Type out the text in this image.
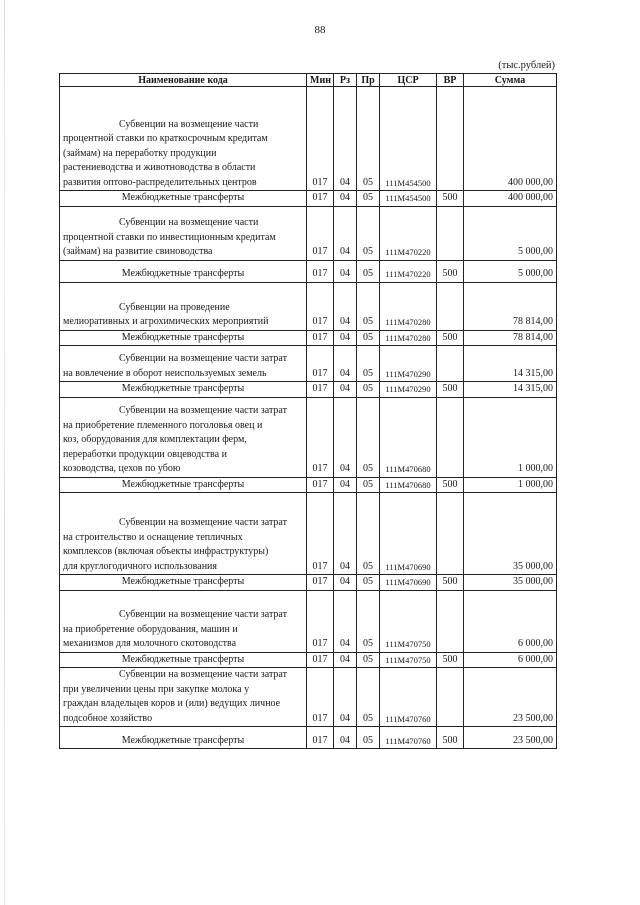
88
(тыс.рублей)
Наименование кода	Мин	Рз	Пр	ЦСР	ВР	Сумма

Субвенции на возмещение части
процентной ставки по краткосрочным кредитам
(займам) на переработку продукции
растениеводства и животноводства в области
развития оптово-распределительных центров	017	04	05	111M454500		400 000,00

Межбюджетные трансферты	017	04	05	111M454500	500	400 000,00

Субвенции на возмещение части
процентной ставки по инвестиционным кредитам
(займам) на развитие свиноводства	017	04	05	111M470220		5 000,00

Межбюджетные трансферты	017	04	05	111M470220	500	5 000,00

Субвенции на проведение
мелиоративных и агрохимических мероприятий	017	04	05	111M470280		78 814,00

Межбюджетные трансферты	017	04	05	111M470280	500	78 814,00

Субвенции на возмещение части затрат
на вовлечение в оборот неиспользуемых земель	017	04	05	111M470290		14 315,00

Межбюджетные трансферты	017	04	05	111M470290	500	14 315,00

Субвенции на возмещение части затрат
на приобретение племенного поголовья овец и
коз, оборудования для комплектации ферм,
переработки продукции овцеводства и
козоводства, цехов по убою	017	04	05	111M470680		1 000,00

Межбюджетные трансферты	017	04	05	111M470680	500	1 000,00

Субвенции на возмещение части затрат
на строительство и оснащение тепличных
комплексов (включая объекты инфраструктуры)
для круглогодичного использования	017	04	05	111M470690		35 000,00

Межбюджетные трансферты	017	04	05	111M470690	500	35 000,00

Субвенции на возмещение части затрат
на приобретение оборудования, машин и
механизмов для молочного скотоводства	017	04	05	111M470750		6 000,00

Межбюджетные трансферты	017	04	05	111M470750	500	6 000,00

Субвенции на возмещение части затрат
при увеличении цены при закупке молока у
граждан владельцев коров и (или) ведущих личное
подсобное хозяйство	017	04	05	111M470760		23 500,00

Межбюджетные трансферты	017	04	05	111M470760	500	23 500,00
